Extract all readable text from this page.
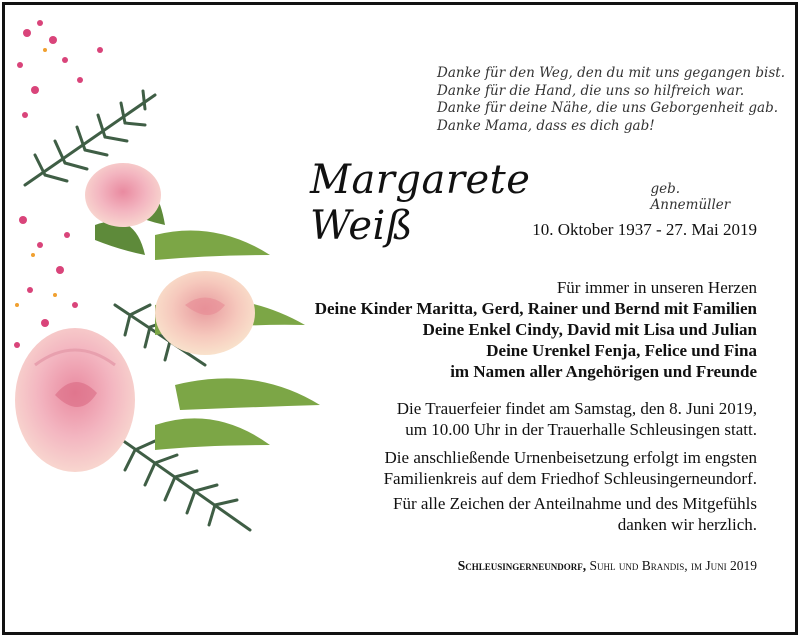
Danke für den Weg, den du mit uns gegangen bist.
Danke für die Hand, die uns so hilfreich war.
Danke für deine Nähe, die uns Geborgenheit gab.
Danke Mama, dass es dich gab!
Margarete Weiß
geb. Annemüller
10. Oktober 1937 - 27. Mai 2019
Für immer in unseren Herzen
Deine Kinder Maritta, Gerd, Rainer und Bernd mit Familien
Deine Enkel Cindy, David mit Lisa und Julian
Deine Urenkel Fenja, Felice und Fina
im Namen aller Angehörigen und Freunde
Die Trauerfeier findet am Samstag, den 8. Juni 2019,
um 10.00 Uhr in der Trauerhalle Schleusingen statt.
Die anschließende Urnenbeisetzung erfolgt im engsten
Familienkreis auf dem Friedhof Schleusingerneundorf.
Für alle Zeichen der Anteilnahme und des Mitgefühls
danken wir herzlich.
Schleusingerneundorf, Suhl und Brandis, im Juni 2019
